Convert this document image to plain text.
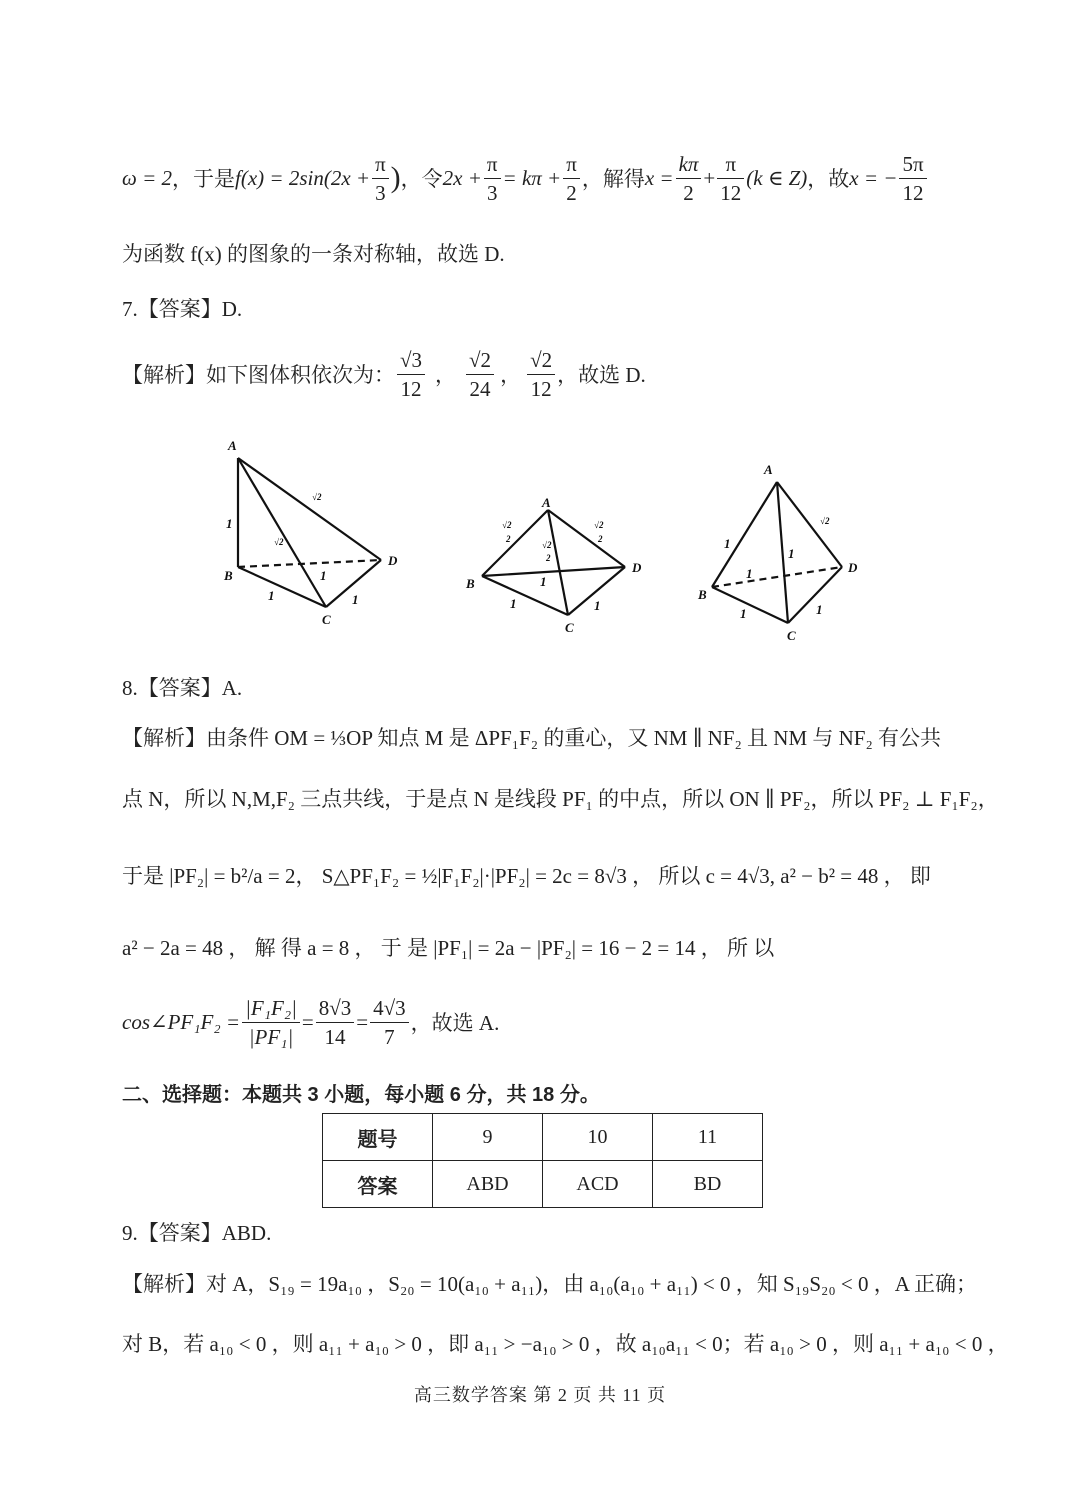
ω = 2 ，于是 $f(x) = 2\sin(2x + \frac{\pi}{3}$ ) ，令 $2x + \frac{\pi}{3} = k\pi + \frac{\pi}{2}$ ，解得 $x = \frac{k\pi}{2} + \frac{\pi}{12} (k$ ∈ Z) ，故 x = − $\frac{5\pi}{12}$
为函数 f(x) 的图象的一条对称轴，故选 D.
7.【答案】D.
【解析】如下图体积依次为： $\frac{√3}{12}$ ， $\frac{√2}{24}$ ， $\frac{√2}{12}$ ，故选 D.
A
B
C
D
1
1	1
1
√2
√2
A
B
C
D
1	1
1
√2
2
√2
2
√2
2
A
B
C
D
1
1
1
1	1
√2
8.【答案】A.
【解析】由条件 OM = ⅓OP 知点 M 是 ΔPF₁F₂ 的重心，又 NM ∥ NF₂ 且 NM 与 NF₂ 有公共
点 N，所以 N,M,F₂ 三点共线，于是点 N 是线段 PF₁ 的中点，所以 ON ∥ PF₂，所以 PF₂ ⊥ F₁F₂，
于是 |PF₂| = b²/a = 2， S△PF₁F₂ = ½|F₁F₂|·|PF₂| = 2c = 8√3 ， 所以 c = 4√3, a² − b² = 48 ， 即
a² − 2a = 48 ， 解 得 a = 8 ， 于 是 |PF₁| = 2a − |PF₂| = 16 − 2 = 14 ， 所 以
cos∠PF₁F₂ = $\frac{\text{|F₁F₂|}}{\text{|PF₁|}} = \frac{8√3}{14} = \frac{4√3}{7}$ ，故选 A.
二、选择题：本题共 3 小题，每小题 6 分，共 18 分。
题号	9	10	11
答案	ABD	ACD	BD
9.【答案】ABD.
【解析】对 A，S₁₉ = 19a₁₀ ，S₂₀ = 10(a₁₀ + a₁₁)，由 a₁₀(a₁₀ + a₁₁) < 0 ，知 S₁₉S₂₀ < 0 ，A 正确；
对 B，若 a₁₀ < 0 ，则 a₁₁ + a₁₀ > 0 ，即 a₁₁ > −a₁₀ > 0 ，故 a₁₀a₁₁ < 0；若 a₁₀ > 0 ，则 a₁₁ + a₁₀ < 0 ，
高三数学答案 第 2 页 共 11 页
